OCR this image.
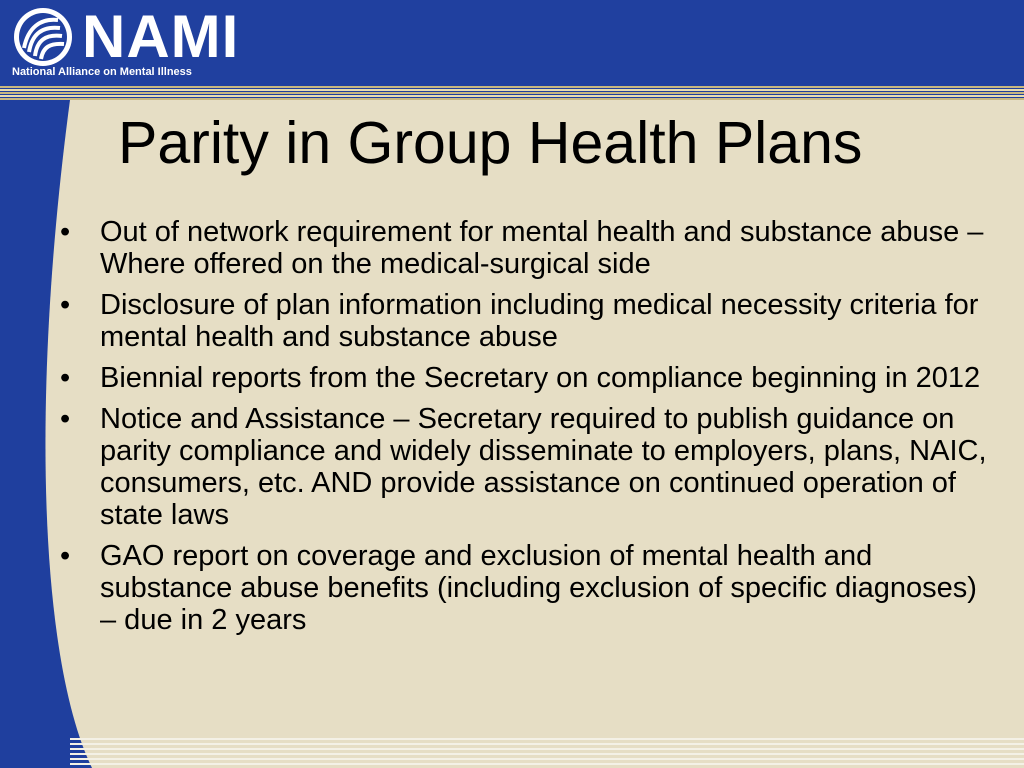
NAMI
National Alliance on Mental Illness
Parity in Group Health Plans
• Out of network requirement for mental health and substance abuse – Where offered on the medical-surgical side
• Disclosure of plan information including medical necessity criteria for mental health and substance abuse
• Biennial reports from the Secretary on compliance beginning in 2012
• Notice and Assistance – Secretary required to publish guidance on parity compliance and widely disseminate to employers, plans, NAIC, consumers, etc. AND provide assistance on continued operation of state laws
• GAO report on coverage and exclusion of mental health and substance abuse benefits (including exclusion of specific diagnoses) – due in 2 years
